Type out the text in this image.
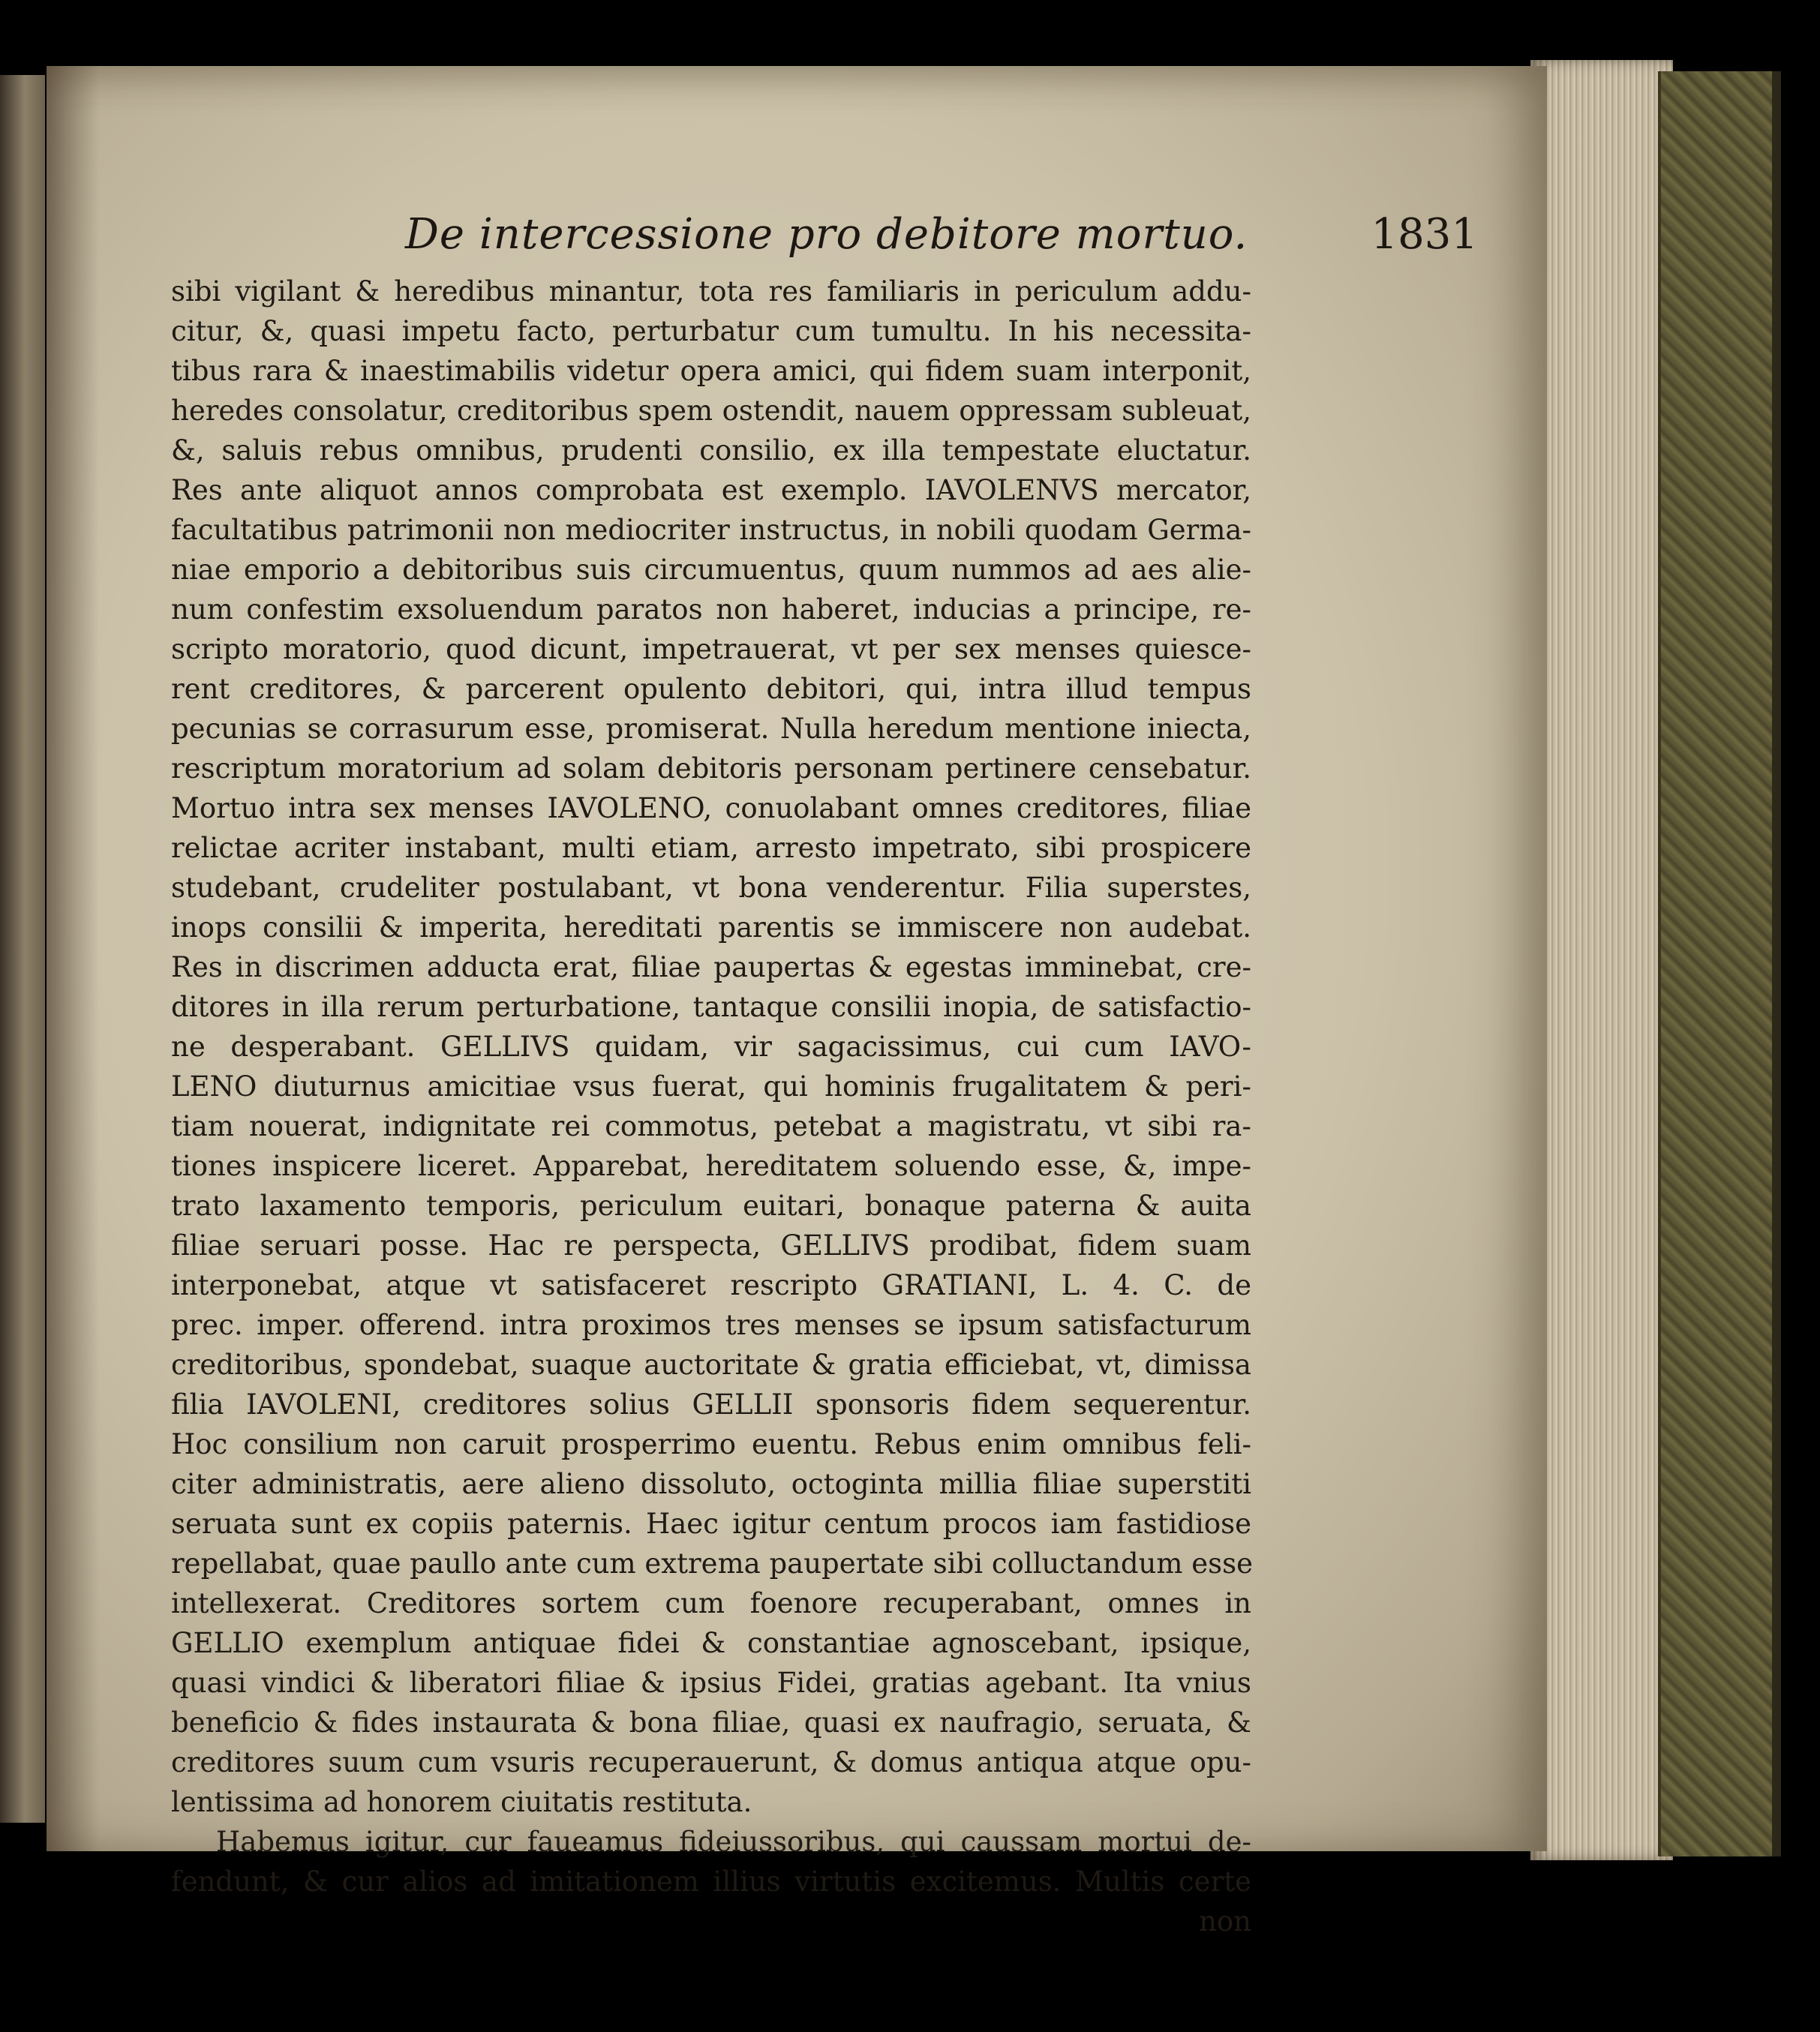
De intercessione pro debitore mortuo.	1831
sibi vigilant & heredibus minantur, tota res familiaris in periculum addu-
citur, &, quasi impetu facto, perturbatur cum tumultu. In his necessita-
tibus rara & inaestimabilis videtur opera amici, qui fidem suam interponit,
heredes consolatur, creditoribus spem ostendit, nauem oppressam subleuat,
&, saluis rebus omnibus, prudenti consilio, ex illa tempestate eluctatur.
Res ante aliquot annos comprobata est exemplo. IAVOLENVS mercator,
facultatibus patrimonii non mediocriter instructus, in nobili quodam Germa-
niae emporio a debitoribus suis circumuentus, quum nummos ad aes alie-
num confestim exsoluendum paratos non haberet, inducias a principe, re-
scripto moratorio, quod dicunt, impetrauerat, vt per sex menses quiesce-
rent creditores, & parcerent opulento debitori, qui, intra illud tempus
pecunias se corrasurum esse, promiserat. Nulla heredum mentione iniecta,
rescriptum moratorium ad solam debitoris personam pertinere censebatur.
Mortuo intra sex menses IAVOLENO, conuolabant omnes creditores, filiae
relictae acriter instabant, multi etiam, arresto impetrato, sibi prospicere
studebant, crudeliter postulabant, vt bona venderentur. Filia superstes,
inops consilii & imperita, hereditati parentis se immiscere non audebat.
Res in discrimen adducta erat, filiae paupertas & egestas imminebat, cre-
ditores in illa rerum perturbatione, tantaque consilii inopia, de satisfactio-
ne desperabant. GELLIVS quidam, vir sagacissimus, cui cum IAVO-
LENO diuturnus amicitiae vsus fuerat, qui hominis frugalitatem & peri-
tiam nouerat, indignitate rei commotus, petebat a magistratu, vt sibi ra-
tiones inspicere liceret. Apparebat, hereditatem soluendo esse, &, impe-
trato laxamento temporis, periculum euitari, bonaque paterna & auita
filiae seruari posse. Hac re perspecta, GELLIVS prodibat, fidem suam
interponebat, atque vt satisfaceret rescripto GRATIANI, L. 4. C. de
prec. imper. offerend. intra proximos tres menses se ipsum satisfacturum
creditoribus, spondebat, suaque auctoritate & gratia efficiebat, vt, dimissa
filia IAVOLENI, creditores solius GELLII sponsoris fidem sequerentur.
Hoc consilium non caruit prosperrimo euentu. Rebus enim omnibus feli-
citer administratis, aere alieno dissoluto, octoginta millia filiae superstiti
seruata sunt ex copiis paternis. Haec igitur centum procos iam fastidiose
repellabat, quae paullo ante cum extrema paupertate sibi colluctandum esse
intellexerat. Creditores sortem cum foenore recuperabant, omnes in
GELLIO exemplum antiquae fidei & constantiae agnoscebant, ipsique,
quasi vindici & liberatori filiae & ipsius Fidei, gratias agebant. Ita vnius
beneficio & fides instaurata & bona filiae, quasi ex naufragio, seruata, &
creditores suum cum vsuris recuperauerunt, & domus antiqua atque opu-
lentissima ad honorem ciuitatis restituta.
Habemus igitur, cur faueamus fideiussoribus, qui caussam mortui de-
fendunt, & cur alios ad imitationem illius virtutis excitemus. Multis certe
non
